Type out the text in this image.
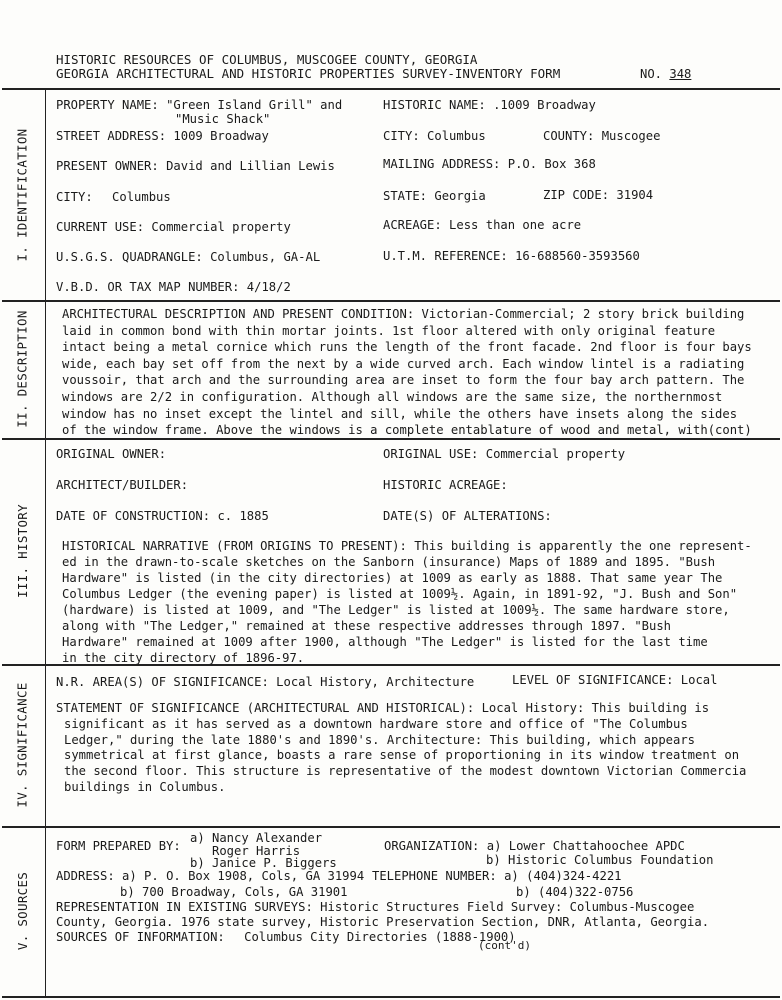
HISTORIC RESOURCES OF COLUMBUS, MUSCOGEE COUNTY, GEORGIA
GEORGIA ARCHITECTURAL AND HISTORIC PROPERTIES SURVEY-INVENTORY FORM	NO. 348
I. IDENTIFICATION
II. DESCRIPTION
III. HISTORY
IV. SIGNIFICANCE
V. SOURCES
PROPERTY NAME: "Green Island Grill" and
"Music Shack"
HISTORIC NAME: .1009 Broadway
STREET ADDRESS: 1009 Broadway	CITY: Columbus	COUNTY: Muscogee
PRESENT OWNER: David and Lillian Lewis	MAILING ADDRESS: P.O. Box 368
CITY: Columbus	STATE: Georgia	ZIP CODE: 31904
CURRENT USE: Commercial property	ACREAGE: Less than one acre
U.S.G.S. QUADRANGLE: Columbus, GA-AL	U.T.M. REFERENCE: 16-688560-3593560
V.B.D. OR TAX MAP NUMBER: 4/18/2
ARCHITECTURAL DESCRIPTION AND PRESENT CONDITION: Victorian-Commercial; 2 story brick building
laid in common bond with thin mortar joints. 1st floor altered with only original feature
intact being a metal cornice which runs the length of the front facade. 2nd floor is four bays
wide, each bay set off from the next by a wide curved arch. Each window lintel is a radiating
voussoir, that arch and the surrounding area are inset to form the four bay arch pattern. The
windows are 2/2 in configuration. Although all windows are the same size, the northernmost
window has no inset except the lintel and sill, while the others have insets along the sides
of the window frame. Above the windows is a complete entablature of wood and metal, with(cont)
ORIGINAL OWNER:	ORIGINAL USE: Commercial property
ARCHITECT/BUILDER:	HISTORIC ACREAGE:
DATE OF CONSTRUCTION: c. 1885	DATE(S) OF ALTERATIONS:
HISTORICAL NARRATIVE (FROM ORIGINS TO PRESENT): This building is apparently the one represent-
ed in the drawn-to-scale sketches on the Sanborn (insurance) Maps of 1889 and 1895. "Bush
Hardware" is listed (in the city directories) at 1009 as early as 1888. That same year The
Columbus Ledger (the evening paper) is listed at 1009½. Again, in 1891-92, "J. Bush and Son"
(hardware) is listed at 1009, and "The Ledger" is listed at 1009½. The same hardware store,
along with "The Ledger," remained at these respective addresses through 1897. "Bush
Hardware" remained at 1009 after 1900, although "The Ledger" is listed for the last time
in the city directory of 1896-97.
N.R. AREA(S) OF SIGNIFICANCE: Local History, Architecture	LEVEL OF SIGNIFICANCE: Local
STATEMENT OF SIGNIFICANCE (ARCHITECTURAL AND HISTORICAL): Local History: This building is
significant as it has served as a downtown hardware store and office of "The Columbus
Ledger," during the late 1880's and 1890's. Architecture: This building, which appears
symmetrical at first glance, boasts a rare sense of proportioning in its window treatment on
the second floor. This structure is representative of the modest downtown Victorian Commercia
buildings in Columbus.
FORM PREPARED BY:
a) Nancy Alexander
Roger Harris
b) Janice P. Biggers
ORGANIZATION: a) Lower Chattahoochee APDC
b) Historic Columbus Foundation
ADDRESS: a) P. O. Box 1908, Cols, GA 31994 TELEPHONE NUMBER: a) (404)324-4221
b) 700 Broadway, Cols, GA 31901	b) (404)322-0756
REPRESENTATION IN EXISTING SURVEYS: Historic Structures Field Survey: Columbus-Muscogee
County, Georgia. 1976 state survey, Historic Preservation Section, DNR, Atlanta, Georgia.
SOURCES OF INFORMATION: Columbus City Directories (1888-1900)
(cont'd)
